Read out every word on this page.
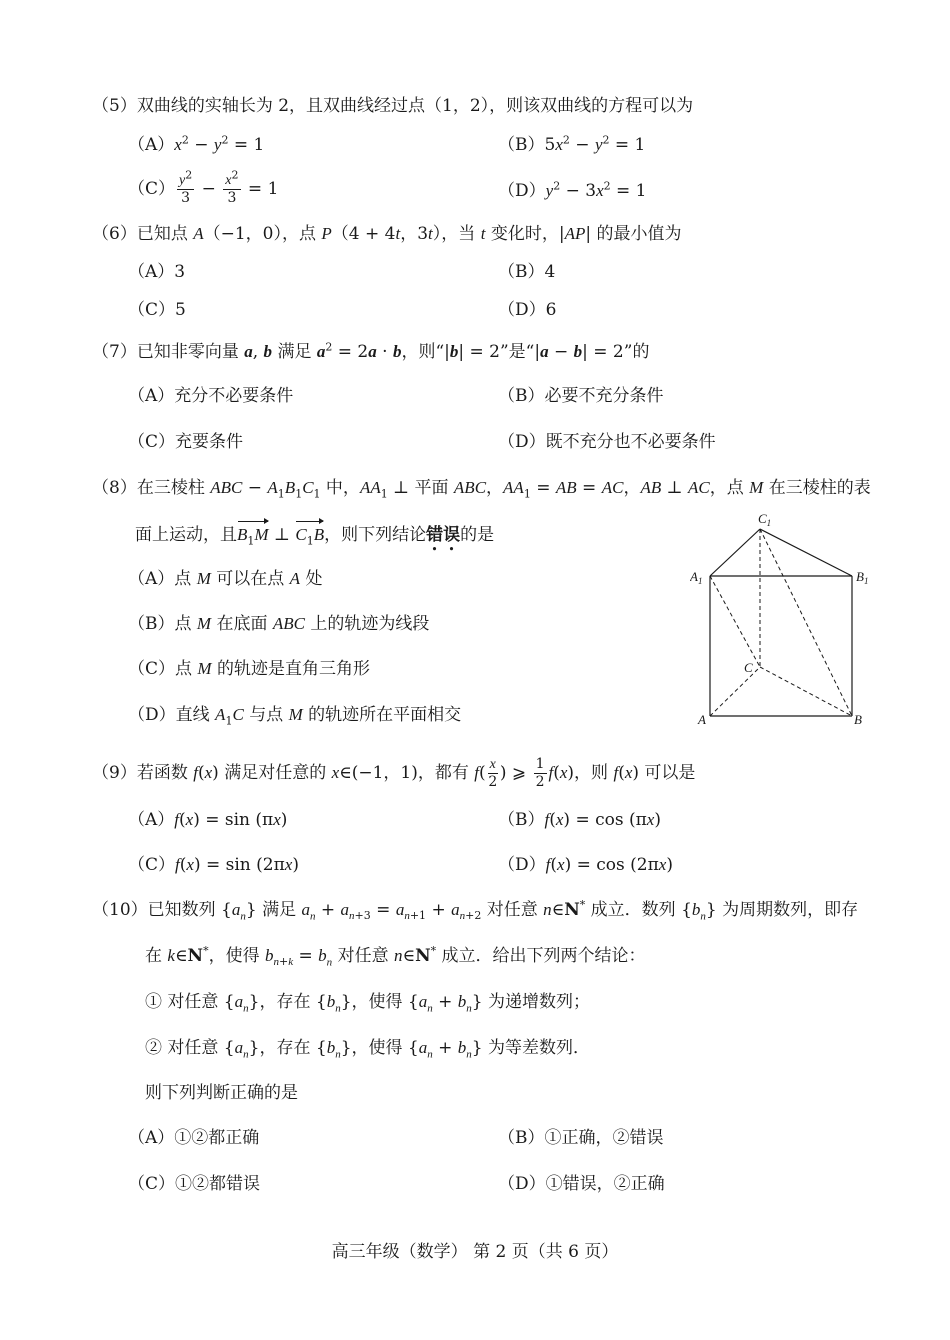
（5）双曲线的实轴长为 2，且双曲线经过点（1，2），则该双曲线的方程可以为
$(A)x^2 - y^2 = 1$	$(B)5x^2 - y^2 = 1$
$(C) \frac{y^2}{3} - \frac{x^2}{3} = 1$	$(D)y^2 - 3x^2 = 1$
（6）已知点 A（−1，0），点 P（4 + 4t，3t），当 t 变化时，|AP| 的最小值为
（A）3	（B）4
（C）5	（D）6
（7）已知非零向量 a, b 满足 $a^2 = 2a \cdot b$，则“|b| = 2”是“|a − b| = 2”的
（A）充分不必要条件	（B）必要不充分条件
（C）充要条件	（D）既不充分也不必要条件
（8）在三棱柱 ABC − $A_1B_1C_1$ 中，$AA_1$ ⊥ 平面 ABC，$AA_1$ = AB = AC，AB ⊥ AC，点 M 在三棱柱的表
面上运动，且$B_1M$ ⊥ $C_1B$，则下列结论错误的是
（A）点 M 可以在点 A 处
（B）点 M 在底面 ABC 上的轨迹为线段
（C）点 M 的轨迹是直角三角形
（D）直线 $A_1C$ 与点 M 的轨迹所在平面相交
$C_1$
$A_1$	$B_1$
C
A	B
（9）若函数 f(x) 满足对任意的 x∈(−1，1)，都有 $f( \frac{x}{2}$ ) ⩾ $\frac{1}{2} f(x)$，则 f(x) 可以是
（A）f(x) = sin (πx)	（B）f(x) = cos (πx)
（C）f(x) = sin (2πx)	（D）f(x) = cos (2πx)
（10）已知数列 $\{a_n\}$ 满足 $a_n + a_{n+3} = a_{n+1} + a_{n+2}$ 对任意 n∈N* 成立．数列 $\{b_n\}$ 为周期数列，即存
在 k∈N*，使得 $b_{n+k} = b_n$ 对任意 n∈N* 成立．给出下列两个结论：
① 对任意 $\{a_n\}$，存在 $\{b_n\}$，使得 $\{a_n + b_n\}$ 为递增数列；
② 对任意 $\{a_n\}$，存在 $\{b_n\}$，使得 $\{a_n + b_n\}$ 为等差数列．
则下列判断正确的是
（A）①②都正确	（B）①正确，②错误
（C）①②都错误	（D）①错误，②正确
高三年级（数学） 第 2 页（共 6 页）
